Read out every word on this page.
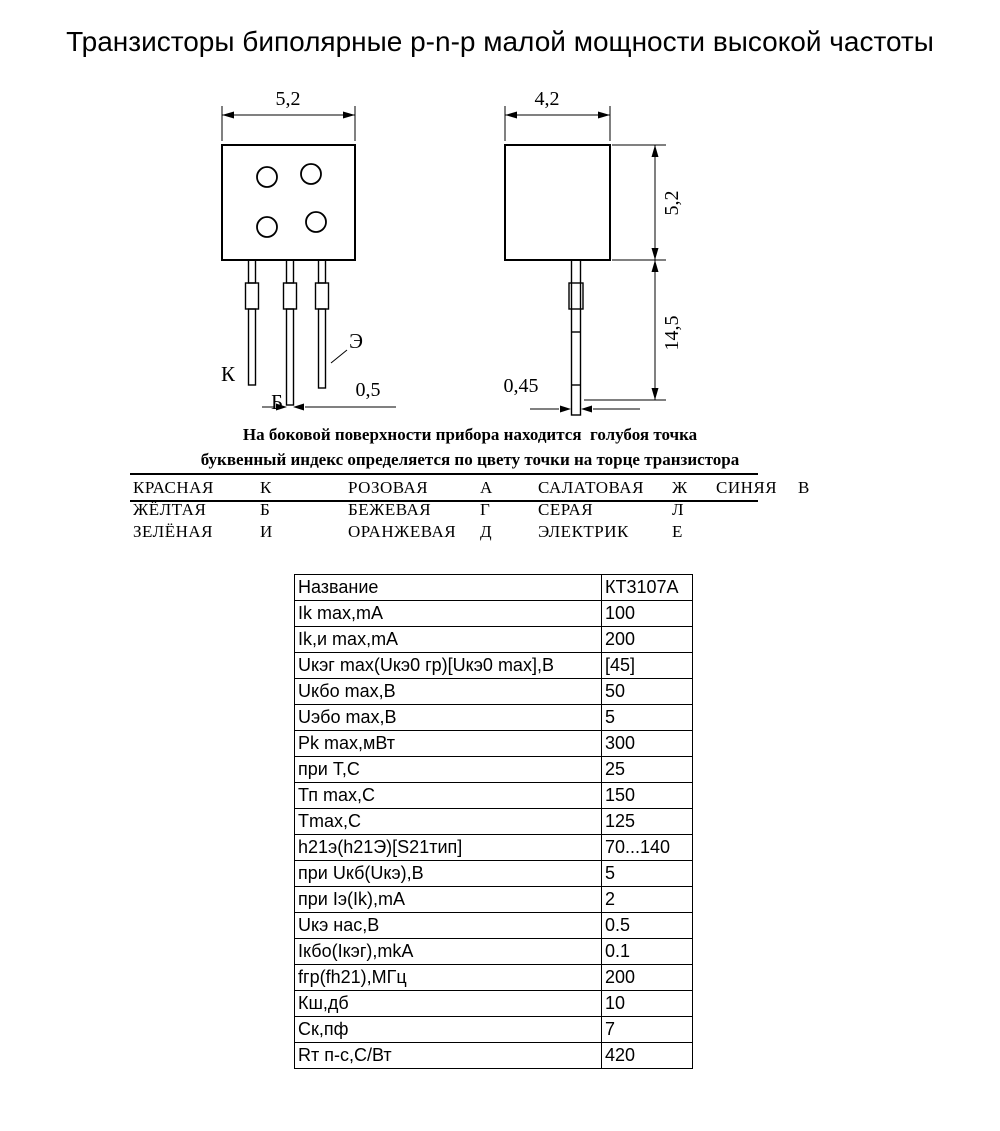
Транзисторы биполярные p-n-p малой мощности высокой частоты
5,2
0,5
К
Б
Э
4,2
5,2
14,5
0,45
На боковой поверхности прибора находится  голубоя точка
буквенный индекс определяется по цвету точки на торце транзистора
КРАСНАЯ	К	РОЗОВАЯ	А	САЛАТОВАЯ	Ж	СИНЯЯ	В
ЖЁЛТАЯ	Б	БЕЖЕВАЯ	Г	СЕРАЯ	Л		
ЗЕЛЁНАЯ	И	ОРАНЖЕВАЯ	Д	ЭЛЕКТРИК	Е		
Название	КТ3107А
Ik max,mA	100
Ik,и max,mA	200
Uкэг max(Uкэ0 гр)[Uкэ0 max],В	[45]
Uкбо max,В	50
Uэбо max,В	5
Pk max,мВт	300
при Т,С	25
Тп max,С	150
Tmax,С	125
h21э(h21Э)[S21тип]	70...140
при Uкб(Uкэ),В	5
при Iэ(Ik),mA	2
Uкэ нас,В	0.5
Iкбо(Iкэг),mkA	0.1
fгр(fh21),МГц	200
Кш,дб	10
Ск,пф	7
Rт п-с,С/Вт	420
